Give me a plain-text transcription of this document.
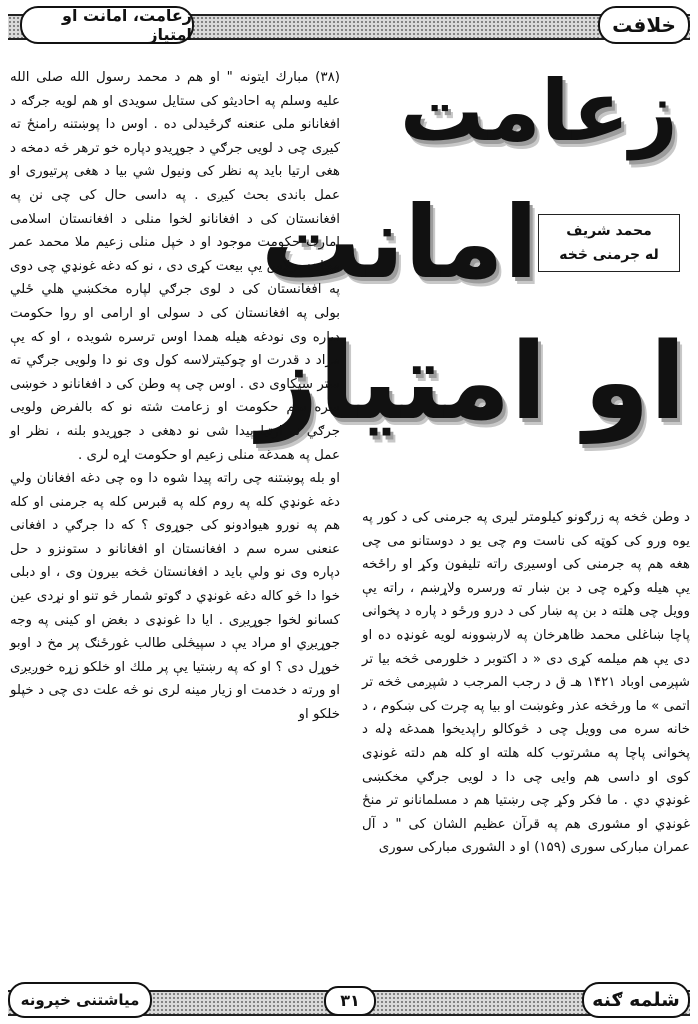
زعامت، امانت او امتیاز	خلافت
زعامت
امانت
او امتیاز
محمد شریف
له جرمنی څخه

(۳۸) مبارك ایتونه " او هم د محمد رسول الله صلی الله علیه وسلم په احادیثو کی ستایل سویدی او هم لویه جرګه د افغانانو ملی عنعنه ګرځیدلی ده . اوس دا پوښتنه رامنځ ته کیږی چی د لویی جرګي د جوړیدو دپاره خو ترهر څه دمخه د هغی ارتیا باید په نظر کی ونیول شي بیا د هغی پرتیوری او عمل باندی بحث کیږی . په داسی حال کی چی نن په افغانستان کی د افغانانو لخوا منلی د افغانستان اسلامی امارت حکومت موجود او د خپل منلی زعیم ملا محمد عمر مجاهد پرلاس یې بیعت کړی دی ، نو که دغه غونډي چی دوی په افغانستان کی د لوی جرګي لپاره مخکښي هلي ځلي بولی په افغانستان کی د سولی او ارامی او روا حکومت دپاره وی نودغه هیله همدا اوس ترسره شویده ، او که یې مراد د قدرت او چوکیترلاسه کول وی نو دا ولویی جرګي ته ستر سپکاوی دی . اوس چی په وطن کی د افغانانو د خوښی سره سم حکومت او زعامت شته نو که بالفرض ولویی جرګي ته ارتیا پیدا شی نو دهغی د جوړیدو بلنه ، نظر او عمل په همدغه منلی زعیم او حکومت اړه لری .

او بله پوښتنه چی راته پیدا شوه دا وه چی دغه افغانان ولي دغه غونډي کله په روم کله په قبرس کله په جرمنی او کله هم په نورو هیوادونو کی جوړوی ؟ که دا جرګي د افغانی عنعنی سره سم د افغانستان او افغانانو د ستونزو د حل دپاره وی نو ولي باید د افغانستان څخه بیرون وی ، او دبلی خوا دا څو کاله دغه غونډي د ګوتو شمار څو تنو او نړدی عین کسانو لخوا جوړیږی . ایا دا غونډی د بغض او کینی په وجه جوړیږي او مراد یې د سپیڅلی طالب غورځنګ پر مخ د اوبو خوړل دی ؟ او که په رښتیا یې پر ملك او خلکو زړه خوږیږی او ورته د خدمت او زیار مینه لری نو څه علت دی چی د خپلو خلکو او

د وطن څخه په زرګونو کیلومتر لیری په جرمنی کی د کور په یوه ورو کی کوټه کی ناست وم چی یو د دوستانو می چی هغه هم په جرمنی کی اوسیږی راته تلیفون وکړ او راځخه یې هیله وکړه چی د بن ښار ته ورسره ولاړښم ، راته یې وویل چی هلته د بن په ښار کی د درو ورځو د پاره د پخوانی پاچا ښاغلی محمد ظاهرخان په لارښوونه لویه غونډه ده او دی یې هم میلمه کړی دی « د اکتوبر د خلورمی څخه بیا تر شپږمی اوباد ۱۴۲۱ هـ ق د رجب المرجب د شپږمی څخه تر اتمی » ما ورڅخه عذر وغوښت او بیا په چرت کی ښکوم ، د خانه سره می وویل چی د څوکالو راپدیخوا همدغه ډله د پخوانی پاچا په مشرتوب کله هلته او کله هم دلته غونډی کوی او داسی هم وایی چی دا د لویی جرګي مخکښی غونډي دي . ما فکر وکړ چی رښتیا هم د مسلمانانو تر منځ غونډي او مشوری هم په قرآن عظیم الشان کی " د آل عمران مبارکی سوری (۱۵۹) او د الشوری مبارکی سوری

میاشتنی خپرونه	۳۱	شلمه ګنه
